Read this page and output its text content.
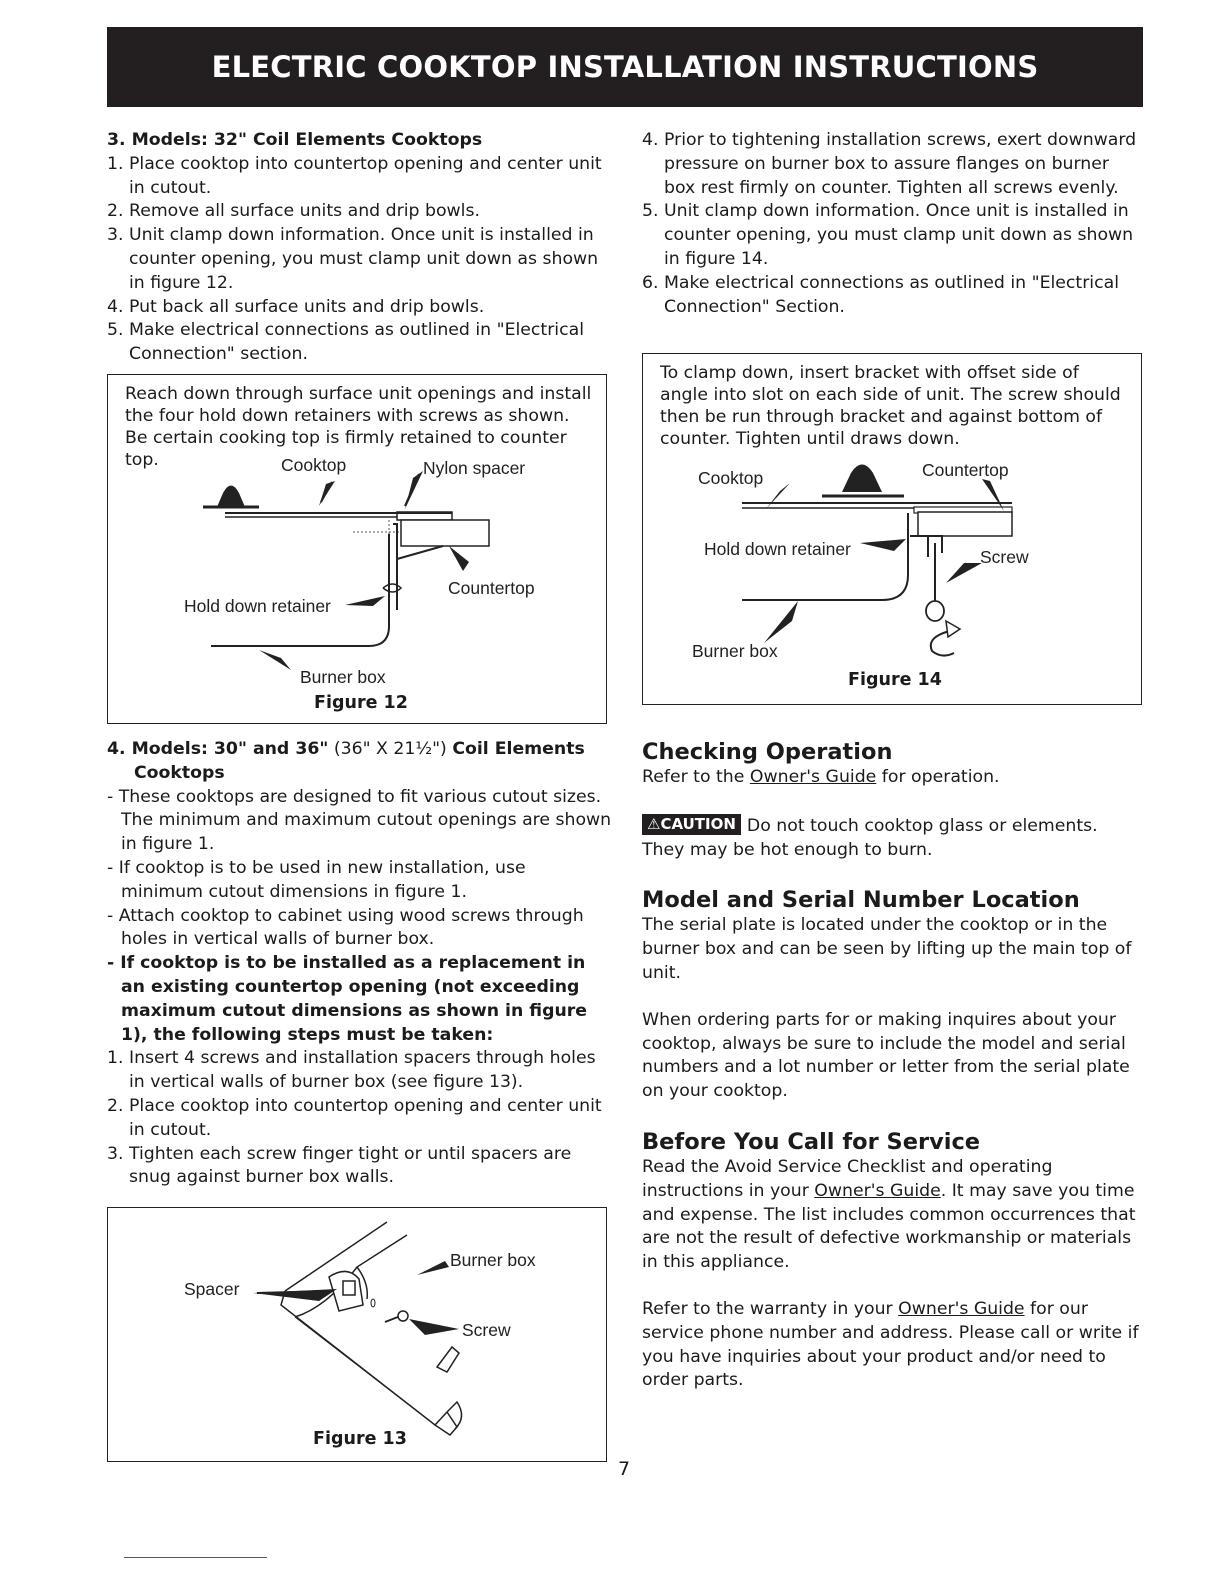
ELECTRIC COOKTOP INSTALLATION INSTRUCTIONS

3. Models: 32" Coil Elements Cooktops

1. Place cooktop into countertop opening and center unit in cutout.

2. Remove all surface units and drip bowls.

3. Unit clamp down information. Once unit is installed in counter opening, you must clamp unit down as shown in figure 12.

4. Put back all surface units and drip bowls.

5. Make electrical connections as outlined in "Electrical Connection" section.

Reach down through surface unit openings and install the four hold down retainers with screws as shown. Be certain cooking top is firmly retained to counter top.	Cooktop	Nylon spacer
Countertop
Hold down retainer
Burner box
Figure 12

4. Models: 30" and 36" (36" X 21½") Coil Elements Cooktops

- These cooktops are designed to fit various cutout sizes. The minimum and maximum cutout openings are shown in figure 1.

- If cooktop is to be used in new installation, use minimum cutout dimensions in figure 1.

- Attach cooktop to cabinet using wood screws through holes in vertical walls of burner box.

- If cooktop is to be installed as a replacement in an existing countertop opening (not exceeding maximum cutout dimensions as shown in figure 1), the following steps must be taken:

1. Insert 4 screws and installation spacers through holes in vertical walls of burner box (see figure 13).

2. Place cooktop into countertop opening and center unit in cutout.

3. Tighten each screw finger tight or until spacers are snug against burner box walls.

Spacer
Burner box
Screw
Figure 13

4. Prior to tightening installation screws, exert downward pressure on burner box to assure flanges on burner box rest firmly on counter. Tighten all screws evenly.

5. Unit clamp down information. Once unit is installed in counter opening, you must clamp unit down as shown in figure 14.

6. Make electrical connections as outlined in "Electrical Connection" Section.

To clamp down, insert bracket with offset side of angle into slot on each side of unit. The screw should then be run through bracket and against bottom of counter. Tighten until draws down.
Cooktop	Countertop
Hold down retainer	Screw
Burner box
Figure 14

Checking Operation

Refer to the Owner's Guide for operation.

⚠CAUTION Do not touch cooktop glass or elements. They may be hot enough to burn.

Model and Serial Number Location

The serial plate is located under the cooktop or in the burner box and can be seen by lifting up the main top of unit.

When ordering parts for or making inquires about your cooktop, always be sure to include the model and serial numbers and a lot number or letter from the serial plate on your cooktop.

Before You Call for Service

Read the Avoid Service Checklist and operating instructions in your Owner's Guide. It may save you time and expense. The list includes common occurrences that are not the result of defective workmanship or materials in this appliance.

Refer to the warranty in your Owner's Guide for our service phone number and address. Please call or write if you have inquiries about your product and/or need to order parts.

7
